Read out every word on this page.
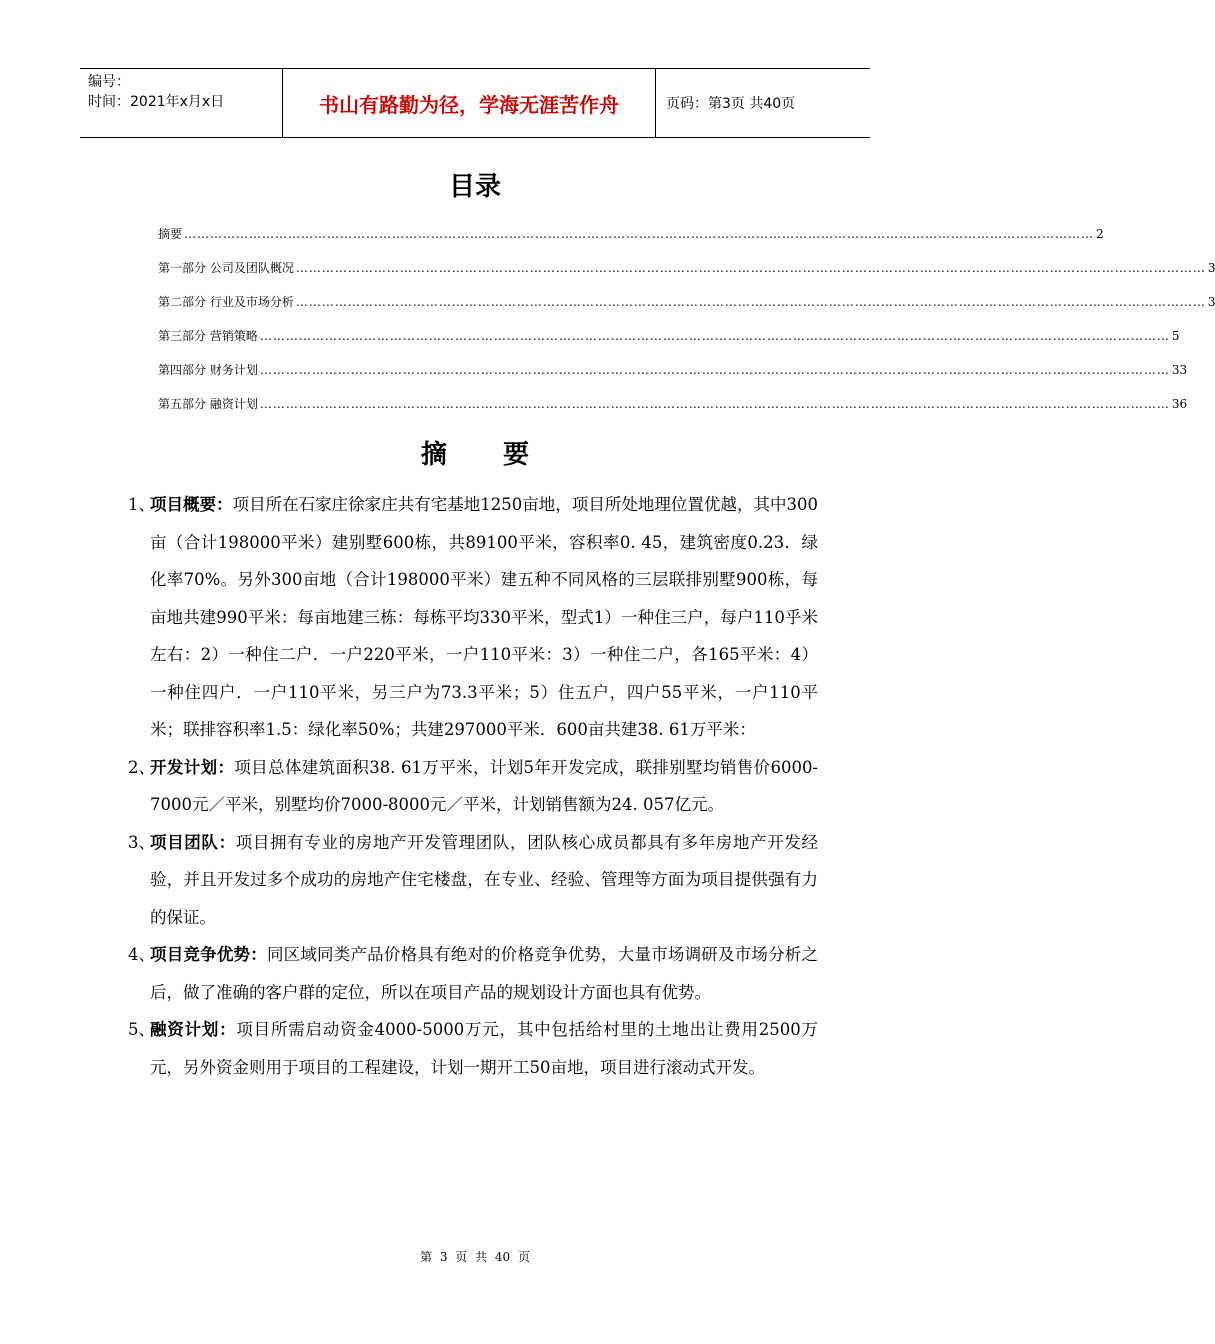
编号：
时间：2021年x月x日	书山有路勤为径，学海无涯苦作舟	页码：第3页 共40页
目录
摘要 ………………………………………………………………………………………………………………………………………………………………………………………… 2
第一部分 公司及团队概况 ………………………………………………………………………………………………………………………………………………………………………………………… 3
第二部分 行业及市场分析 ………………………………………………………………………………………………………………………………………………………………………………………… 3
第三部分 营销策略 ………………………………………………………………………………………………………………………………………………………………………………………… 5
第四部分 财务计划 ………………………………………………………………………………………………………………………………………………………………………………………… 33
第五部分 融资计划 ………………………………………………………………………………………………………………………………………………………………………………………… 36
摘要
1、
项目概要：项目所在石家庄徐家庄共有宅基地1250亩地，项目所处地理位置优越，其中300亩（合计198000平米）建别墅600栋，共89100平米，容积率0. 45，建筑密度0.23．绿化率70%。另外300亩地（合计198000平米）建五种不同风格的三层联排别墅900栋，每亩地共建990平米：每亩地建三栋：每栋平均330平米，型式1）一种住三户，每户110乎米左右：2）一种住二户．一户220平米，一户110平米：3）一种住二户，各165平米：4）一种住四户．一户110平米，另三户为73.3平米；5）住五户，四户55平米，一户110平米；联排容积率1.5：绿化率50%；共建297000平米．600亩共建38. 61万平米：
2、
开发计划：项目总体建筑面积38. 61万平米，计划5年开发完成，联排别墅均销售价6000-7000元／平米，别墅均价7000-8000元／平米，计划销售额为24. 057亿元。
3、
项目团队：项目拥有专业的房地产开发管理团队，团队核心成员都具有多年房地产开发经验，并且开发过多个成功的房地产住宅楼盘，在专业、经验、管理等方面为项目提供强有力的保证。
4、
项目竞争优势：同区域同类产品价格具有绝对的价格竞争优势，大量市场调研及市场分析之后，做了准确的客户群的定位，所以在项目产品的规划设计方面也具有优势。
5、
融资计划：项目所需启动资金4000-5000万元，其中包括给村里的土地出让费用2500万元，另外资金则用于项目的工程建设，计划一期开工50亩地，项目进行滚动式开发。
第 3 页 共 40 页
